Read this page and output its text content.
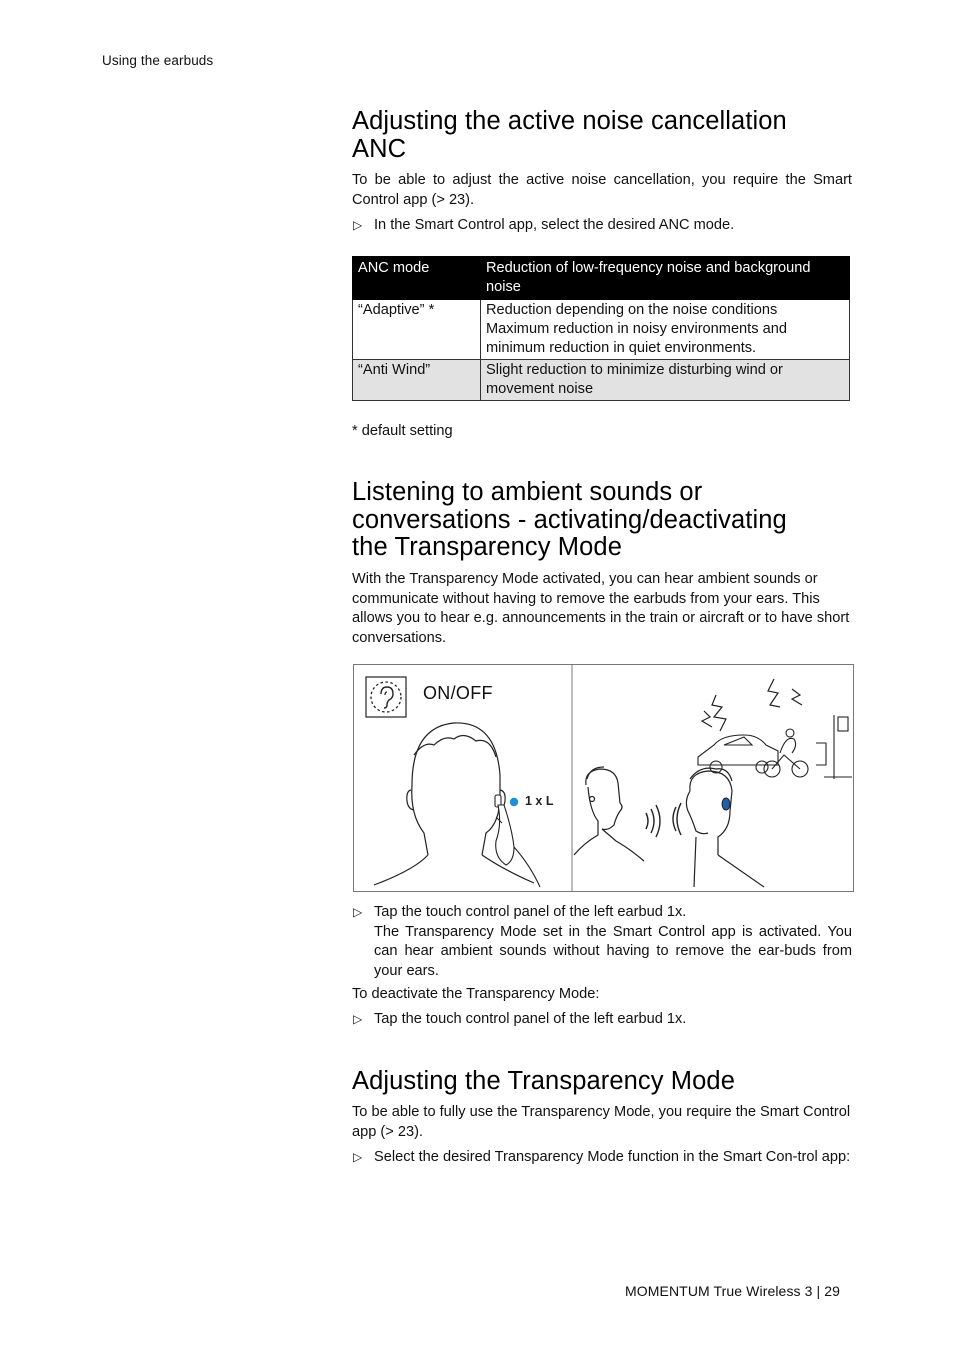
Using the earbuds
Adjusting the active noise cancellation
ANC

To be able to adjust the active noise cancellation, you require the Smart Control app (> 23).

▷ In the Smart Control app, select the desired ANC mode.
ANC mode	Reduction of low-frequency noise and background noise
“Adaptive” *	Reduction depending on the noise conditions Maximum reduction in noisy environments and minimum reduction in quiet environments.
“Anti Wind”	Slight reduction to minimize disturbing wind or movement noise

* default setting

Listening to ambient sounds or
conversations - activating/deactivating
the Transparency Mode

With the Transparency Mode activated, you can hear ambient sounds or communicate without having to remove the earbuds from your ears. This allows you to hear e.g. announcements in the train or aircraft or to have short conversations.

ON/OFF
1 x L
▷ Tap the touch control panel of the left earbud 1x.
The Transparency Mode set in the Smart Control app is activated. You can hear ambient sounds without having to remove the ear-buds from your ears.

To deactivate the Transparency Mode:

▷ Tap the touch control panel of the left earbud 1x.
Adjusting the Transparency Mode

To be able to fully use the Transparency Mode, you require the Smart Control app (> 23).

▷ Select the desired Transparency Mode function in the Smart Con-trol app:
MOMENTUM True Wireless 3 | 29
